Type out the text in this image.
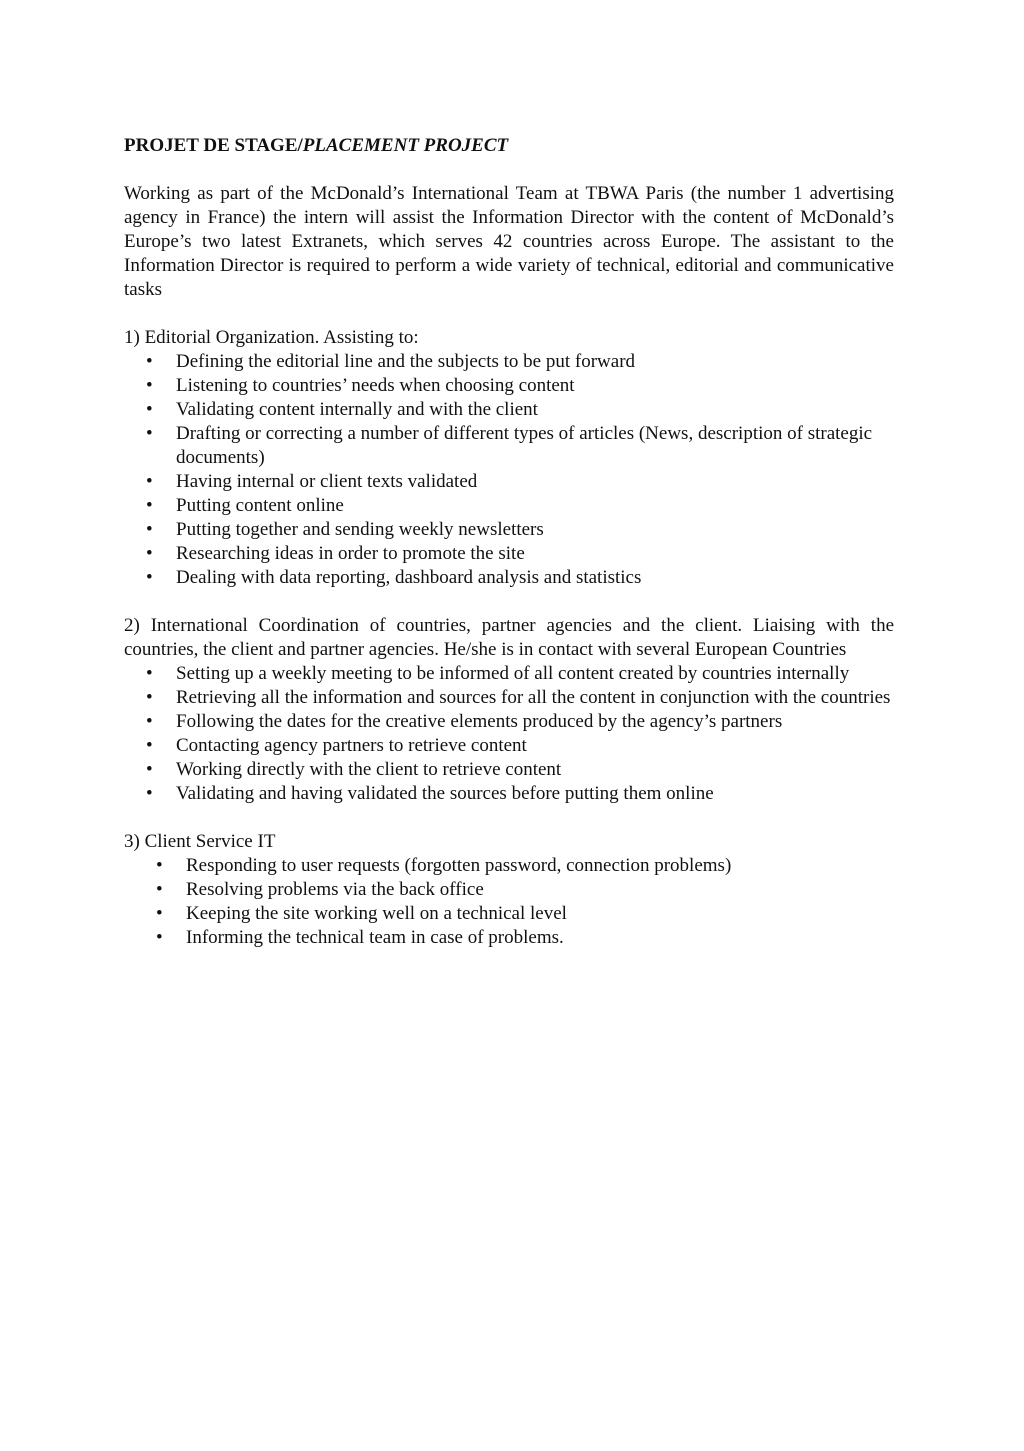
PROJET DE STAGE/PLACEMENT PROJECT

Working as part of the McDonald’s International Team at TBWA Paris (the number 1 advertising agency in France) the intern will assist the Information Director with the content of McDonald’s Europe’s two latest Extranets, which serves 42 countries across Europe. The assistant to the Information Director is required to perform a wide variety of technical, editorial and communicative tasks

1) Editorial Organization. Assisting to:

• Defining the editorial line and the subjects to be put forward
• Listening to countries’ needs when choosing content
• Validating content internally and with the client
• Drafting or correcting a number of different types of articles (News, description of strategic documents)
• Having internal or client texts validated
• Putting content online
• Putting together and sending weekly newsletters
• Researching ideas in order to promote the site
• Dealing with data reporting, dashboard analysis and statistics

2) International Coordination of countries, partner agencies and the client. Liaising with the countries, the client and partner agencies. He/she is in contact with several European Countries

• Setting up a weekly meeting to be informed of all content created by countries internally
• Retrieving all the information and sources for all the content in conjunction with the countries
• Following the dates for the creative elements produced by the agency’s partners
• Contacting agency partners to retrieve content
• Working directly with the client to retrieve content
• Validating and having validated the sources before putting them online

3) Client Service IT

• Responding to user requests (forgotten password, connection problems)
• Resolving problems via the back office
• Keeping the site working well on a technical level
• Informing the technical team in case of problems.
